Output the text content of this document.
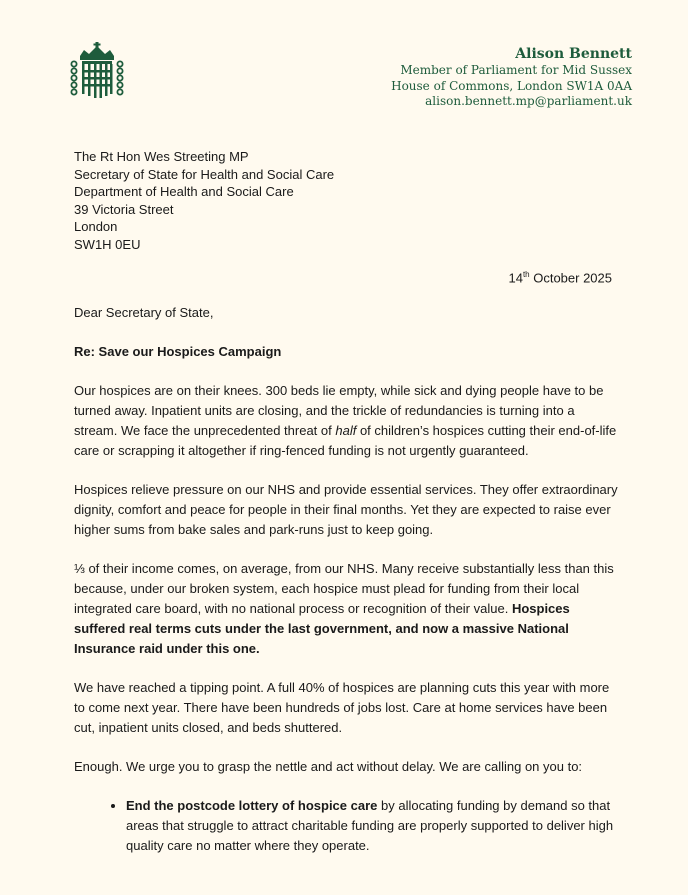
Alison Bennett
Member of Parliament for Mid Sussex
House of Commons, London SW1A 0AA
alison.bennett.mp@parliament.uk
The Rt Hon Wes Streeting MP
Secretary of State for Health and Social Care
Department of Health and Social Care
39 Victoria Street
London
SW1H 0EU
14th October 2025

Dear Secretary of State,

Re: Save our Hospices Campaign

Our hospices are on their knees. 300 beds lie empty, while sick and dying people have to be turned away. Inpatient units are closing, and the trickle of redundancies is turning into a stream. We face the unprecedented threat of half of children’s hospices cutting their end-of-life care or scrapping it altogether if ring-fenced funding is not urgently guaranteed.

Hospices relieve pressure on our NHS and provide essential services. They offer extraordinary dignity, comfort and peace for people in their final months. Yet they are expected to raise ever higher sums from bake sales and park-runs just to keep going.

⅓ of their income comes, on average, from our NHS. Many receive substantially less than this because, under our broken system, each hospice must plead for funding from their local integrated care board, with no national process or recognition of their value. Hospices suffered real terms cuts under the last government, and now a massive National Insurance raid under this one.

We have reached a tipping point. A full 40% of hospices are planning cuts this year with more to come next year. There have been hundreds of jobs lost. Care at home services have been cut, inpatient units closed, and beds shuttered.

Enough. We urge you to grasp the nettle and act without delay. We are calling on you to:

• End the postcode lottery of hospice care by allocating funding by demand so that areas that struggle to attract charitable funding are properly supported to deliver high quality care no matter where they operate.
